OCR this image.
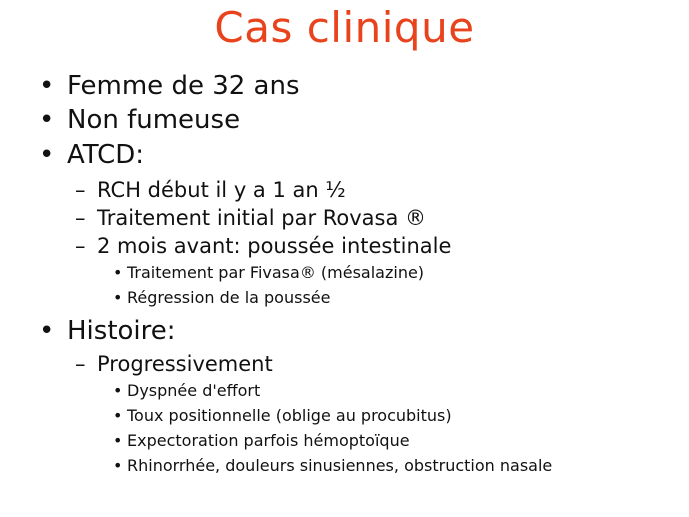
Cas clinique
• Femme de 32 ans
• Non fumeuse
• ATCD:
– RCH début il y a 1 an ½
– Traitement initial par Rovasa ®
– 2 mois avant: poussée intestinale
• Traitement par Fivasa® (mésalazine)
• Régression de la poussée
• Histoire:
– Progressivement
• Dyspnée d'effort
• Toux positionnelle (oblige au procubitus)
• Expectoration parfois hémoptoïque
• Rhinorrhée, douleurs sinusiennes, obstruction nasale
